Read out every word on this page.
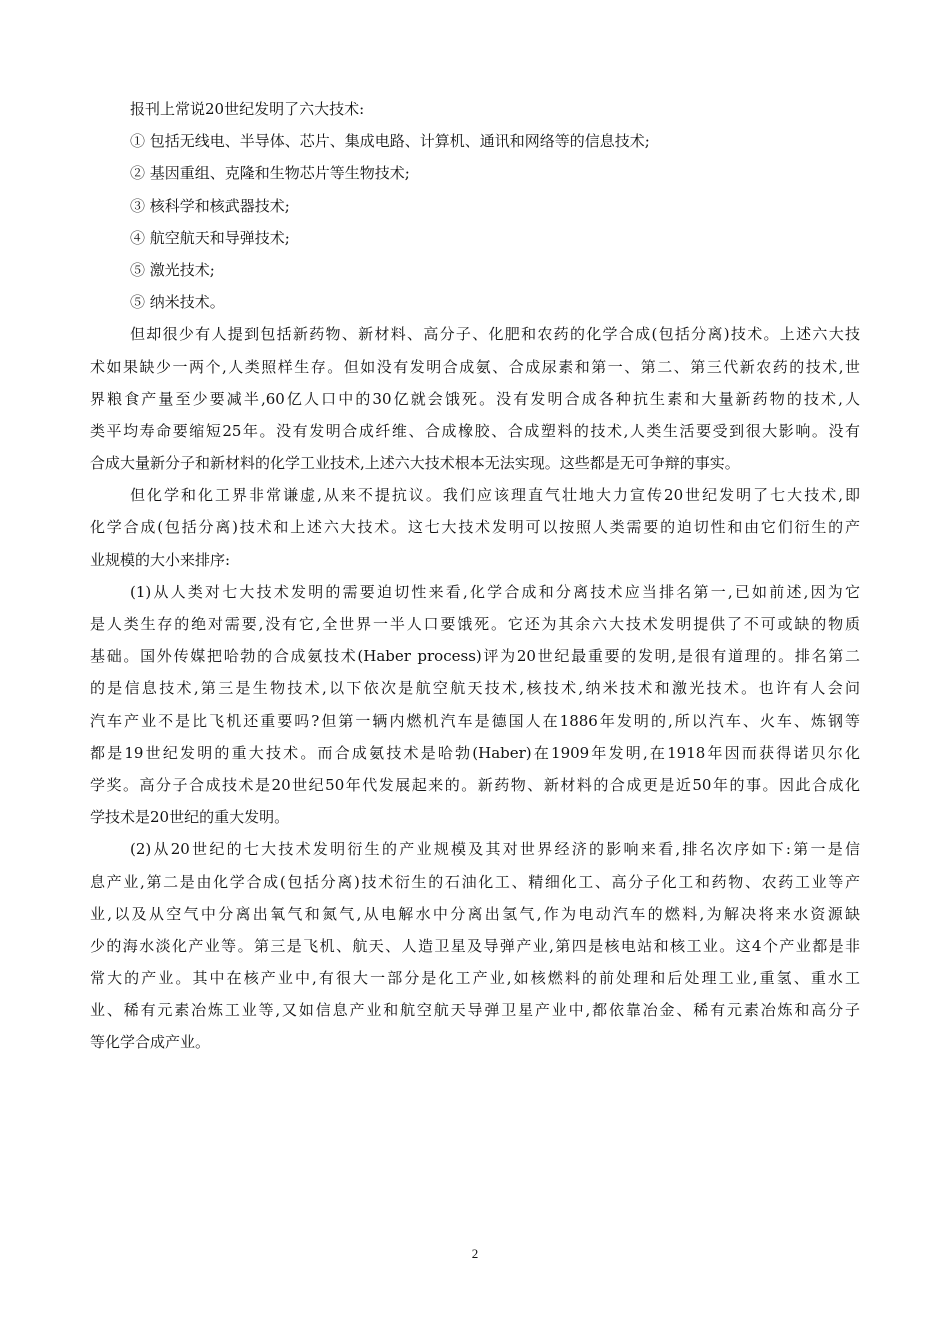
报刊上常说20世纪发明了六大技术:
① 包括无线电、半导体、芯片、集成电路、计算机、通讯和网络等的信息技术;
② 基因重组、克隆和生物芯片等生物技术;
③ 核科学和核武器技术;
④ 航空航天和导弹技术;
⑤ 激光技术;
⑤ 纳米技术。
但却很少有人提到包括新药物、新材料、高分子、化肥和农药的化学合成(包括分离)技术。上述六大技
术如果缺少一两个,人类照样生存。但如没有发明合成氨、合成尿素和第一、第二、第三代新农药的技术,世
界粮食产量至少要减半,60亿人口中的30亿就会饿死。没有发明合成各种抗生素和大量新药物的技术,人
类平均寿命要缩短25年。没有发明合成纤维、合成橡胶、合成塑料的技术,人类生活要受到很大影响。没有
合成大量新分子和新材料的化学工业技术,上述六大技术根本无法实现。这些都是无可争辩的事实。
但化学和化工界非常谦虚,从来不提抗议。我们应该理直气壮地大力宣传20世纪发明了七大技术,即
化学合成(包括分离)技术和上述六大技术。这七大技术发明可以按照人类需要的迫切性和由它们衍生的产
业规模的大小来排序:
(1)从人类对七大技术发明的需要迫切性来看,化学合成和分离技术应当排名第一,已如前述,因为它
是人类生存的绝对需要,没有它,全世界一半人口要饿死。它还为其余六大技术发明提供了不可或缺的物质
基础。国外传媒把哈勃的合成氨技术(Haber process)评为20世纪最重要的发明,是很有道理的。排名第二
的是信息技术,第三是生物技术,以下依次是航空航天技术,核技术,纳米技术和激光技术。也许有人会问
汽车产业不是比飞机还重要吗?但第一辆内燃机汽车是德国人在1886年发明的,所以汽车、火车、炼钢等
都是19世纪发明的重大技术。而合成氨技术是哈勃(Haber)在1909年发明,在1918年因而获得诺贝尔化
学奖。高分子合成技术是20世纪50年代发展起来的。新药物、新材料的合成更是近50年的事。因此合成化
学技术是20世纪的重大发明。
(2)从20世纪的七大技术发明衍生的产业规模及其对世界经济的影响来看,排名次序如下:第一是信
息产业,第二是由化学合成(包括分离)技术衍生的石油化工、精细化工、高分子化工和药物、农药工业等产
业,以及从空气中分离出氧气和氮气,从电解水中分离出氢气,作为电动汽车的燃料,为解决将来水资源缺
少的海水淡化产业等。第三是飞机、航天、人造卫星及导弹产业,第四是核电站和核工业。这4个产业都是非
常大的产业。其中在核产业中,有很大一部分是化工产业,如核燃料的前处理和后处理工业,重氢、重水工
业、稀有元素冶炼工业等,又如信息产业和航空航天导弹卫星产业中,都依靠冶金、稀有元素冶炼和高分子
等化学合成产业。
2
